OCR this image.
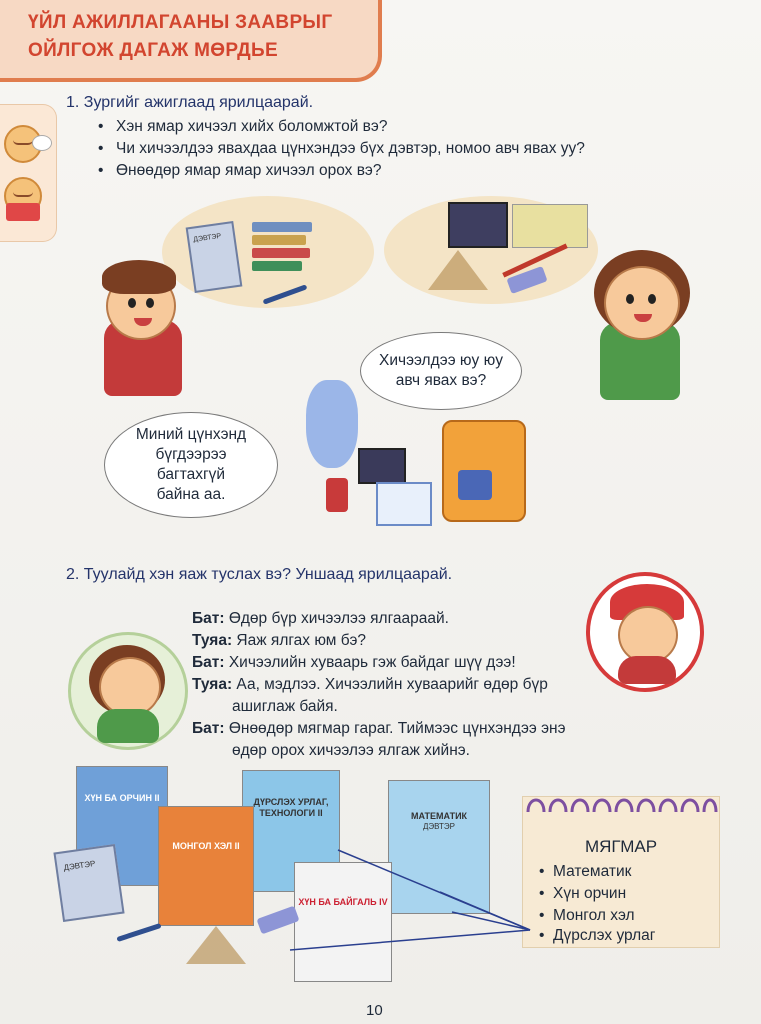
ҮЙЛ АЖИЛЛАГААНЫ ЗААВРЫГ
ОЙЛГОЖ ДАГАЖ МӨРДЬЕ
1. Зургийг ажиглаад ярилцаарай.
• Хэн ямар хичээл хийх боломжтой вэ?
• Чи хичээлдээ явахдаа цүнхэндээ бүх дэвтэр, номоо авч явах уу?
• Өнөөдөр ямар ямар хичээл орох вэ?
ДЭВТЭР
Хичээлдээ юу юу
авч явах вэ?
Миний цүнхэнд
бүгдээрээ
багтахгүй
байна аа.
2. Туулайд хэн яаж туслах вэ? Уншаад ярилцаарай.
Бат: Өдөр бүр хичээлээ ялгаараай.
Туяа: Яаж ялгах юм бэ?
Бат: Хичээлийн хуваарь гэж байдаг шүү дээ!
Туяа: Аа, мэдлээ. Хичээлийн хуваарийг өдөр бүр
ашиглаж байя.
Бат: Өнөөдөр мягмар гараг. Тиймээс цүнхэндээ энэ
өдөр орох хичээлээ ялгаж хийнэ.
ХҮН БА ОРЧИН II	ДҮРСЛЭХ УРЛАГ, ТЕХНОЛОГИ II
МОНГОЛ ХЭЛ II
МАТЕМАТИК
ДЭВТЭР
ХҮН БА БАЙГАЛЬ IV
ДЭВТЭР
МЯГМАР
• Математик
• Хүн орчин
• Монгол хэл
• Дүрслэх урлаг
10
